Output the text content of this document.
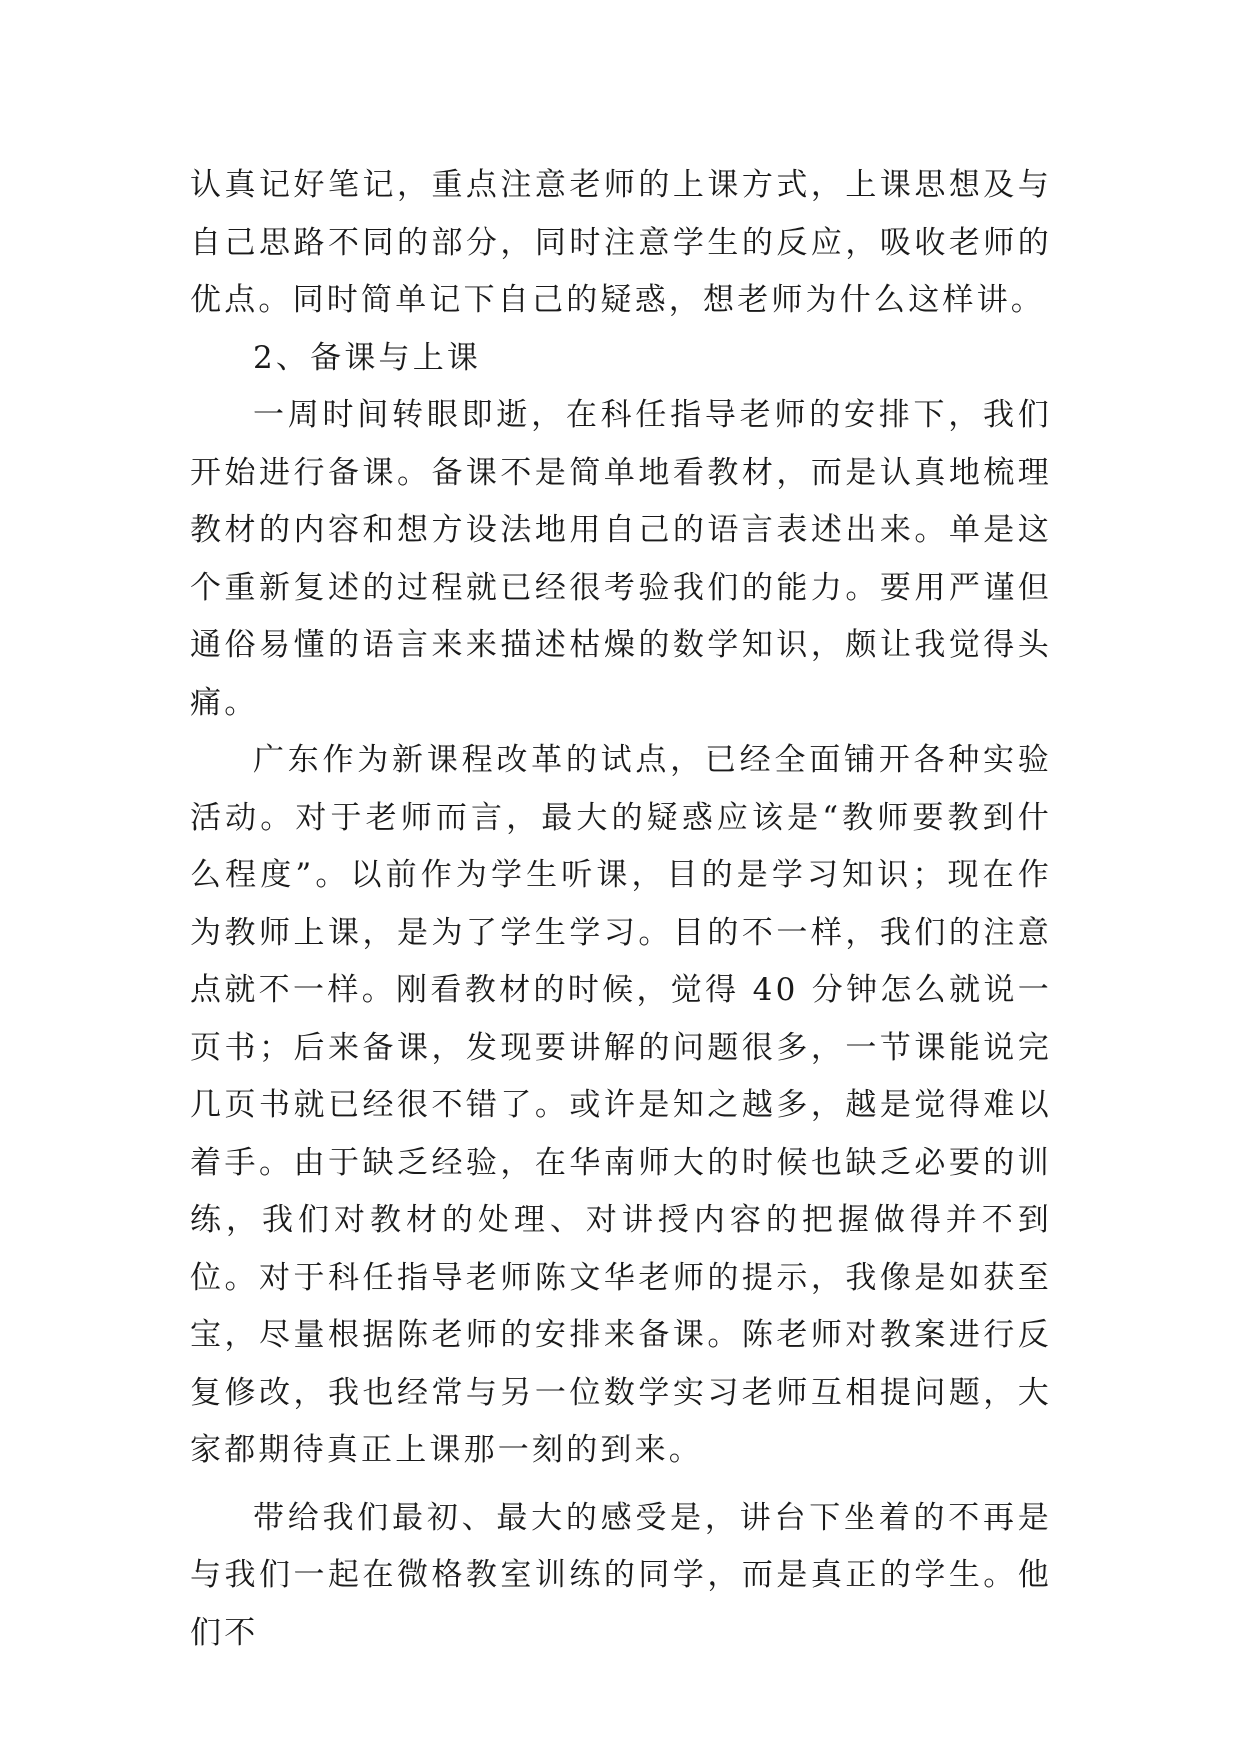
认真记好笔记，重点注意老师的上课方式，上课思想及与自己思路不同的部分，同时注意学生的反应，吸收老师的优点。同时简单记下自己的疑惑，想老师为什么这样讲。

2、备课与上课

一周时间转眼即逝，在科任指导老师的安排下，我们开始进行备课。备课不是简单地看教材，而是认真地梳理教材的内容和想方设法地用自己的语言表述出来。单是这个重新复述的过程就已经很考验我们的能力。要用严谨但通俗易懂的语言来来描述枯燥的数学知识，颇让我觉得头痛。

广东作为新课程改革的试点，已经全面铺开各种实验活动。对于老师而言，最大的疑惑应该是“教师要教到什么程度”。以前作为学生听课，目的是学习知识；现在作为教师上课，是为了学生学习。目的不一样，我们的注意点就不一样。刚看教材的时候，觉得 40 分钟怎么就说一页书；后来备课，发现要讲解的问题很多，一节课能说完几页书就已经很不错了。或许是知之越多，越是觉得难以着手。由于缺乏经验，在华南师大的时候也缺乏必要的训练，我们对教材的处理、对讲授内容的把握做得并不到位。对于科任指导老师陈文华老师的提示，我像是如获至宝，尽量根据陈老师的安排来备课。陈老师对教案进行反复修改，我也经常与另一位数学实习老师互相提问题，大家都期待真正上课那一刻的到来。

带给我们最初、最大的感受是，讲台下坐着的不再是与我们一起在微格教室训练的同学，而是真正的学生。他们不
